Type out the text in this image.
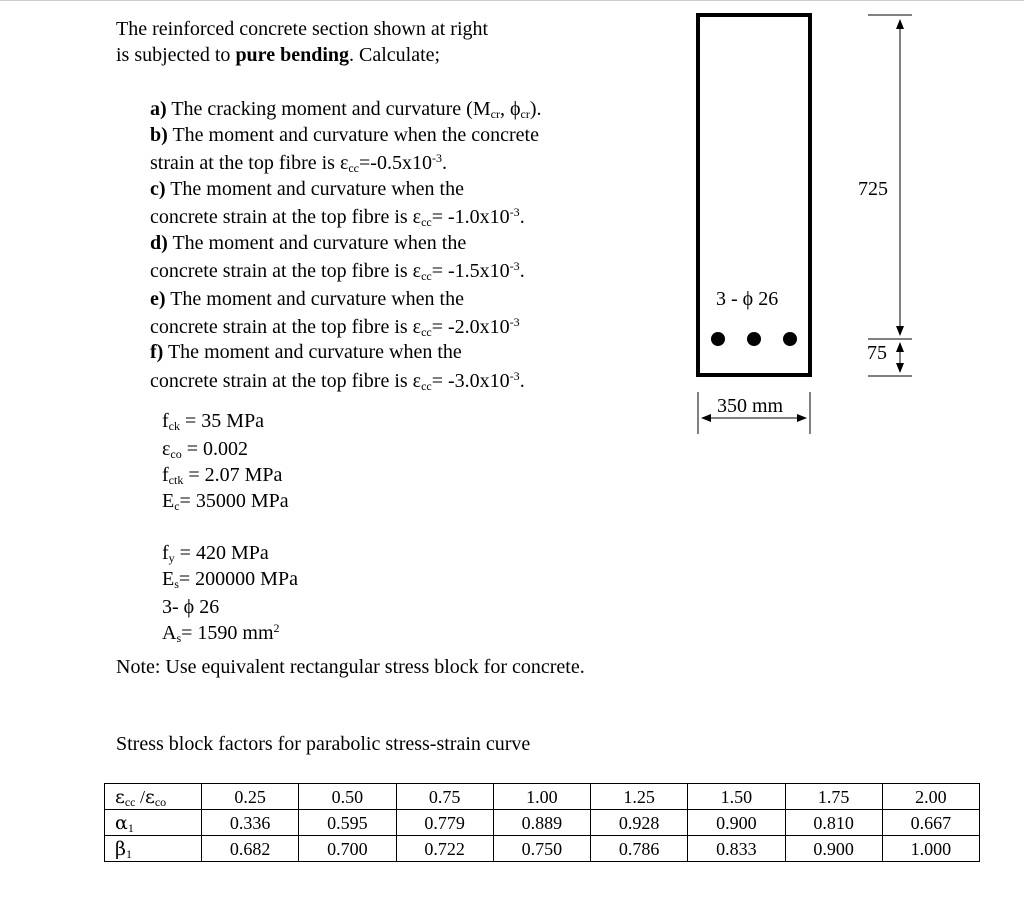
The reinforced concrete section shown at right
is subjected to pure bending. Calculate;
a) The cracking moment and curvature ($M_{cr}$, $\phi_{cr}$).
b) The moment and curvature when the concrete
strain at the top fibre is $\varepsilon_{cc}=-0.5x10^{-3}$.
c) The moment and curvature when the
concrete strain at the top fibre is $\varepsilon_{cc}= -1.0x10^{-3}$.
d) The moment and curvature when the
concrete strain at the top fibre is $\varepsilon_{cc}= -1.5x10^{-3}$.
e) The moment and curvature when the
concrete strain at the top fibre is $\varepsilon_{cc}= -2.0x10^{-3}$
f) The moment and curvature when the
concrete strain at the top fibre is $\varepsilon_{cc}= -3.0x10^{-3}$.
$f_{ck} = 35$ MPa
$\varepsilon_{co} = 0.002$
$f_{ctk} = 2.07$ MPa
$E_c= 35000$ MPa
$f_y = 420$ MPa
$E_s= 200000$ MPa
3- ϕ 26
$A_s= 1590$ $mm^2$
Note: Use equivalent rectangular stress block for concrete.
Stress block factors for parabolic stress-strain curve
$\varepsilon_{cc}$ $/\varepsilon_{co}$	0.25	0.50	0.75	1.00	1.25	1.50	1.75	2.00
$\alpha_1$	0.336	0.595	0.779	0.889	0.928	0.900	0.810	0.667
$\beta_1$	0.682	0.700	0.722	0.750	0.786	0.833	0.900	1.000
3 - ϕ 26
350 mm
725
75
